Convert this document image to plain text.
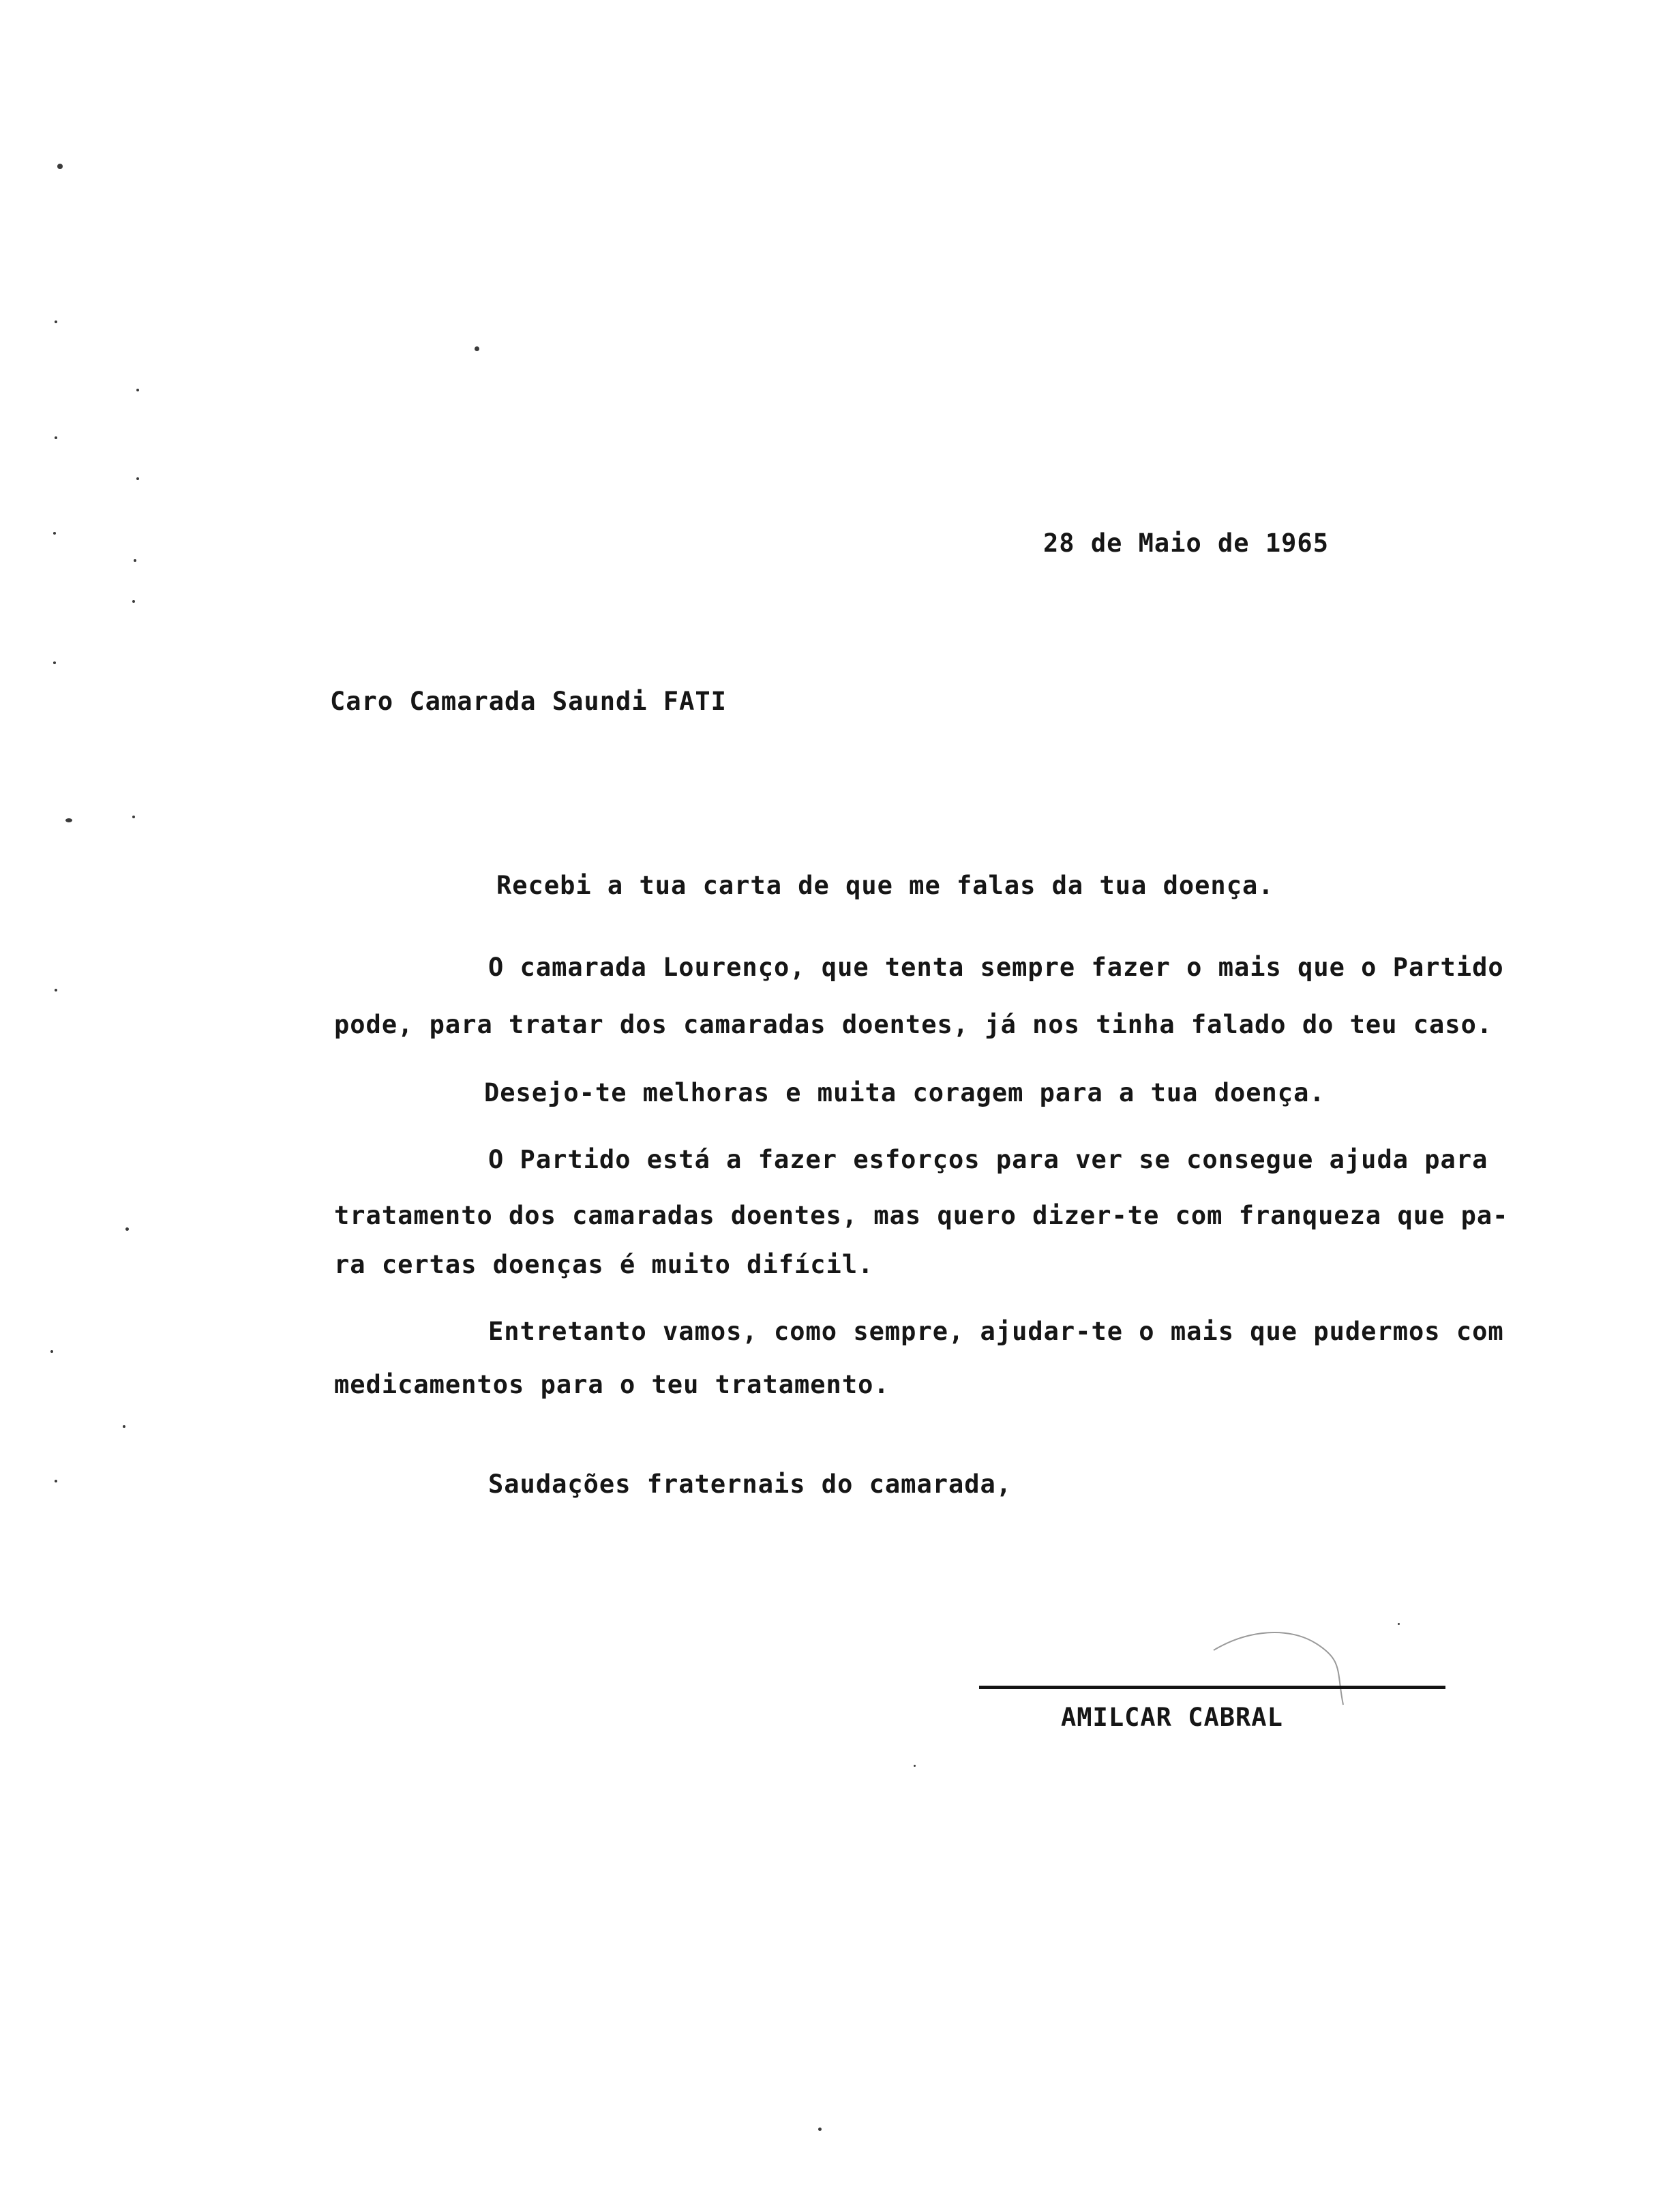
28 de Maio de 1965
Caro Camarada Saundi FATI
Recebi a tua carta de que me falas da tua doença.
O camarada Lourenço, que tenta sempre fazer o mais que o Partido
pode, para tratar dos camaradas doentes, já nos tinha falado do teu caso.
Desejo-te melhoras e muita coragem para a tua doença.
O Partido está a fazer esforços para ver se consegue ajuda para
tratamento dos camaradas doentes, mas quero dizer-te com franqueza que pa-
ra certas doenças é muito difícil.
Entretanto vamos, como sempre, ajudar-te o mais que pudermos com
medicamentos para o teu tratamento.
Saudações fraternais do camarada,
AMILCAR CABRAL
